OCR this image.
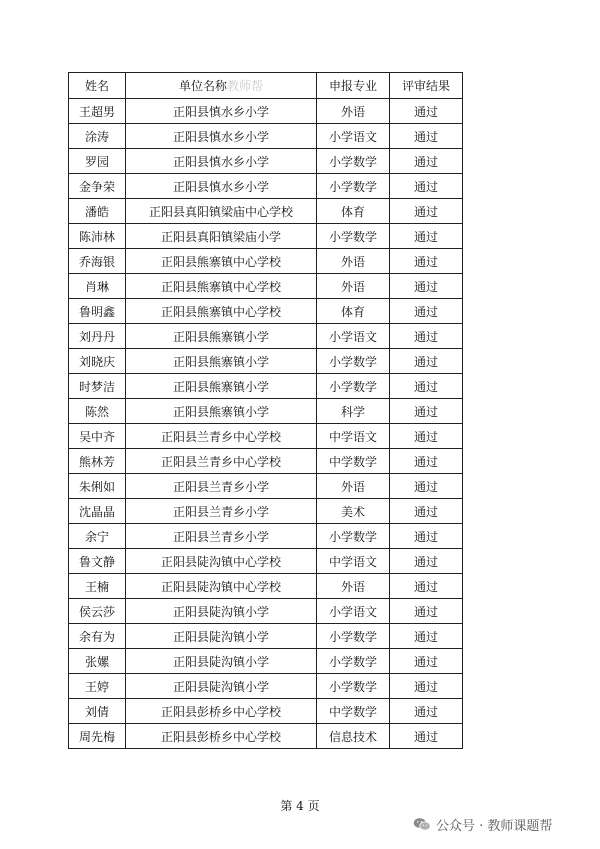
姓名	单位名称教师帮	申报专业	评审结果
王超男	正阳县慎水乡小学	外语	通过
涂涛	正阳县慎水乡小学	小学语文	通过
罗园	正阳县慎水乡小学	小学数学	通过
金争荣	正阳县慎水乡小学	小学数学	通过
潘皓	正阳县真阳镇梁庙中心学校	体育	通过
陈沛林	正阳县真阳镇梁庙小学	小学数学	通过
乔海银	正阳县熊寨镇中心学校	外语	通过
肖琳	正阳县熊寨镇中心学校	外语	通过
鲁明鑫	正阳县熊寨镇中心学校	体育	通过
刘丹丹	正阳县熊寨镇小学	小学语文	通过
刘晓庆	正阳县熊寨镇小学	小学数学	通过
时梦洁	正阳县熊寨镇小学	小学数学	通过
陈然	正阳县熊寨镇小学	科学	通过
吴中齐	正阳县兰青乡中心学校	中学语文	通过
熊林芳	正阳县兰青乡中心学校	中学数学	通过
朱俐如	正阳县兰青乡小学	外语	通过
沈晶晶	正阳县兰青乡小学	美术	通过
余宁	正阳县兰青乡小学	小学数学	通过
鲁文静	正阳县陡沟镇中心学校	中学语文	通过
王楠	正阳县陡沟镇中心学校	外语	通过
侯云莎	正阳县陡沟镇小学	小学语文	通过
余有为	正阳县陡沟镇小学	小学数学	通过
张嫘	正阳县陡沟镇小学	小学数学	通过
王婷	正阳县陡沟镇小学	小学数学	通过
刘倩	正阳县彭桥乡中心学校	中学数学	通过
周先梅	正阳县彭桥乡中心学校	信息技术	通过
第 4 页
公众号 · 教师课题帮
